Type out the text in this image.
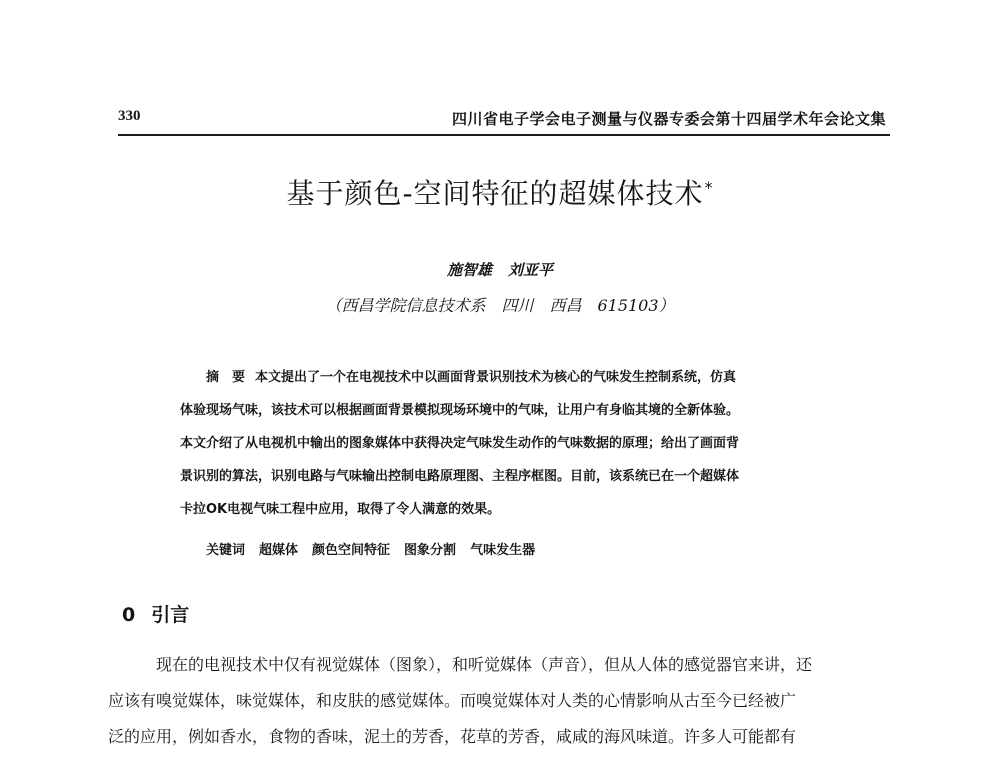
330	四川省电子学会电子测量与仪器专委会第十四届学术年会论文集
基于颜色-空间特征的超媒体技术*
施智雄 刘亚平
（西昌学院信息技术系　四川　西昌　615103）
摘　要 本文提出了一个在电视技术中以画面背景识别技术为核心的气味发生控制系统，仿真
体验现场气味，该技术可以根据画面背景模拟现场环境中的气味，让用户有身临其境的全新体验。
本文介绍了从电视机中输出的图象媒体中获得决定气味发生动作的气味数据的原理；给出了画面背
景识别的算法，识别电路与气味输出控制电路原理图、主程序框图。目前，该系统已在一个超媒体
卡拉OK电视气味工程中应用，取得了令人满意的效果。
关键词 超媒体 颜色空间特征 图象分割 气味发生器
0 引言
现在的电视技术中仅有视觉媒体（图象），和听觉媒体（声音），但从人体的感觉器官来讲，还
应该有嗅觉媒体，味觉媒体，和皮肤的感觉媒体。而嗅觉媒体对人类的心情影响从古至今已经被广
泛的应用，例如香水，食物的香味，泥土的芳香，花草的芳香，咸咸的海风味道。许多人可能都有
